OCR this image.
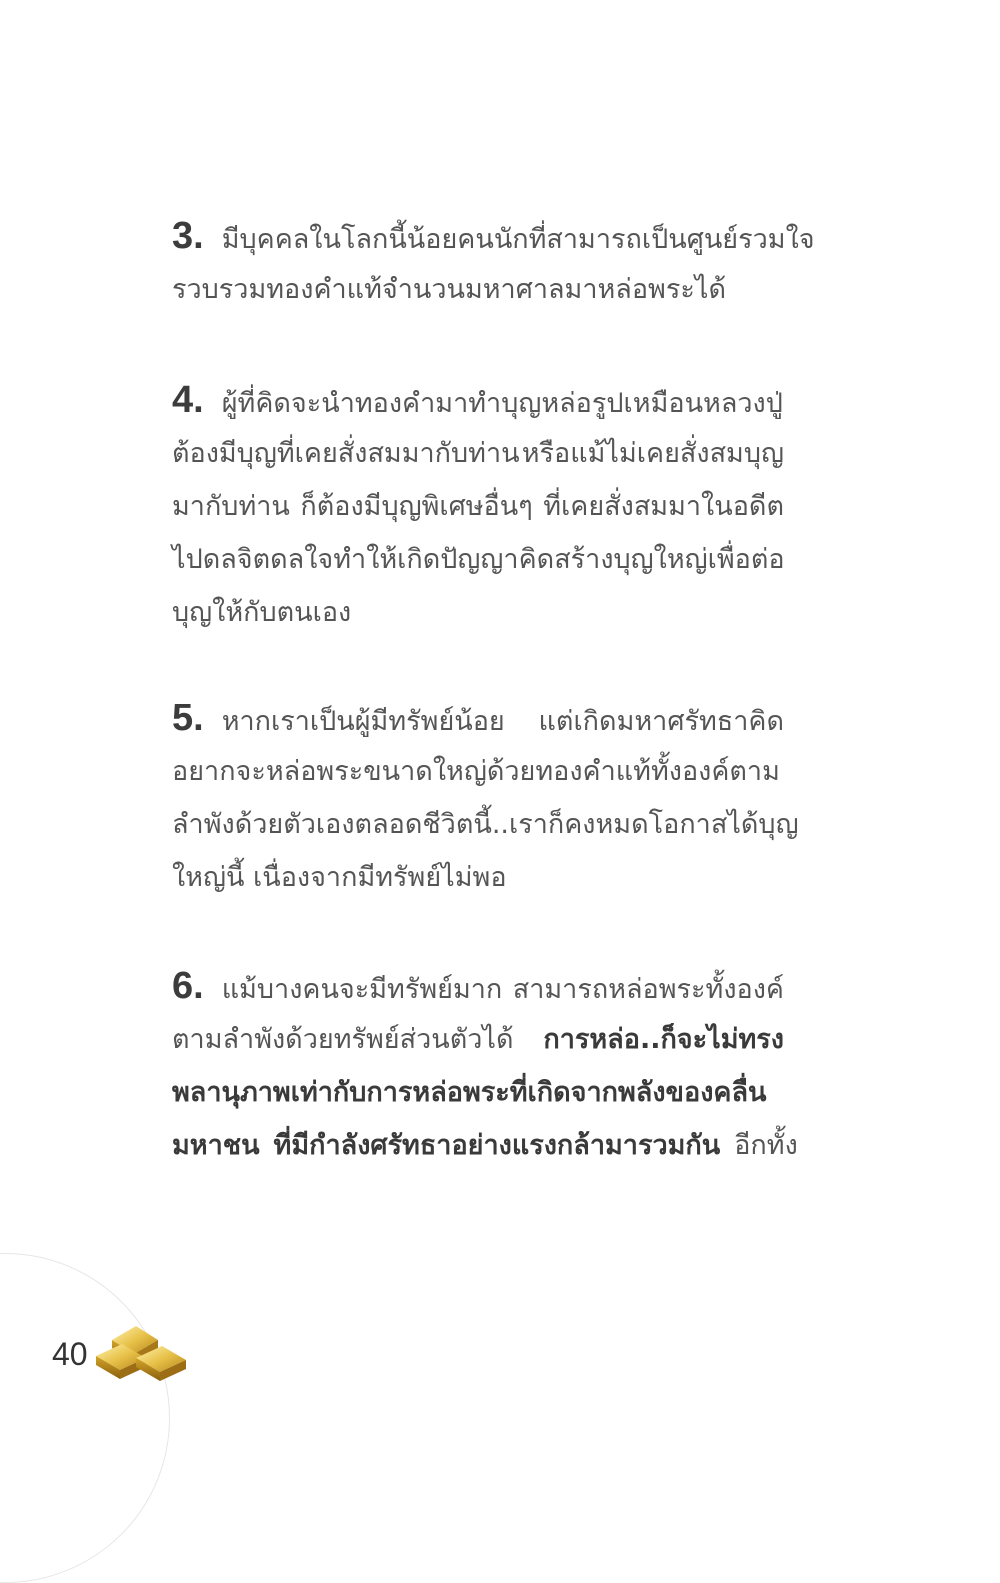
3. มีบุคคลในโลกนี้น้อยคนนักที่สามารถเป็นศูนย์รวมใจ
รวบรวมทองคำแท้จำนวนมหาศาลมาหล่อพระได้
4. ผู้ที่คิดจะนำทองคำมาทำบุญหล่อรูปเหมือนหลวงปู่
ต้องมีบุญที่เคยสั่งสมมากับท่าน หรือแม้ไม่เคยสั่งสมบุญ
มากับท่าน ก็ต้องมีบุญพิเศษอื่นๆ ที่เคยสั่งสมมาในอดีต
ไปดลจิตดลใจทำให้เกิดปัญญาคิดสร้างบุญใหญ่ เพื่อต่อ
บุญให้กับตนเอง
5. หากเราเป็นผู้มีทรัพย์น้อย แต่เกิดมหาศรัทธาคิด
อยากจะหล่อพระขนาดใหญ่ด้วยทองคำแท้ทั้งองค์ตาม
ลำพังด้วยตัวเอง ตลอดชีวิตนี้..เราก็คงหมดโอกาสได้บุญ
ใหญ่นี้ เนื่องจากมีทรัพย์ไม่พอ
6. แม้บางคนจะมีทรัพย์มาก สามารถหล่อพระทั้งองค์
ตามลำพังด้วยทรัพย์ส่วนตัวได้ การหล่อ..ก็จะไม่ทรง
พลานุภาพเท่ากับการหล่อพระที่เกิดจากพลังของคลื่น
มหาชน ที่มีกำลังศรัทธาอย่างแรงกล้ามารวมกัน อีกทั้ง
40
